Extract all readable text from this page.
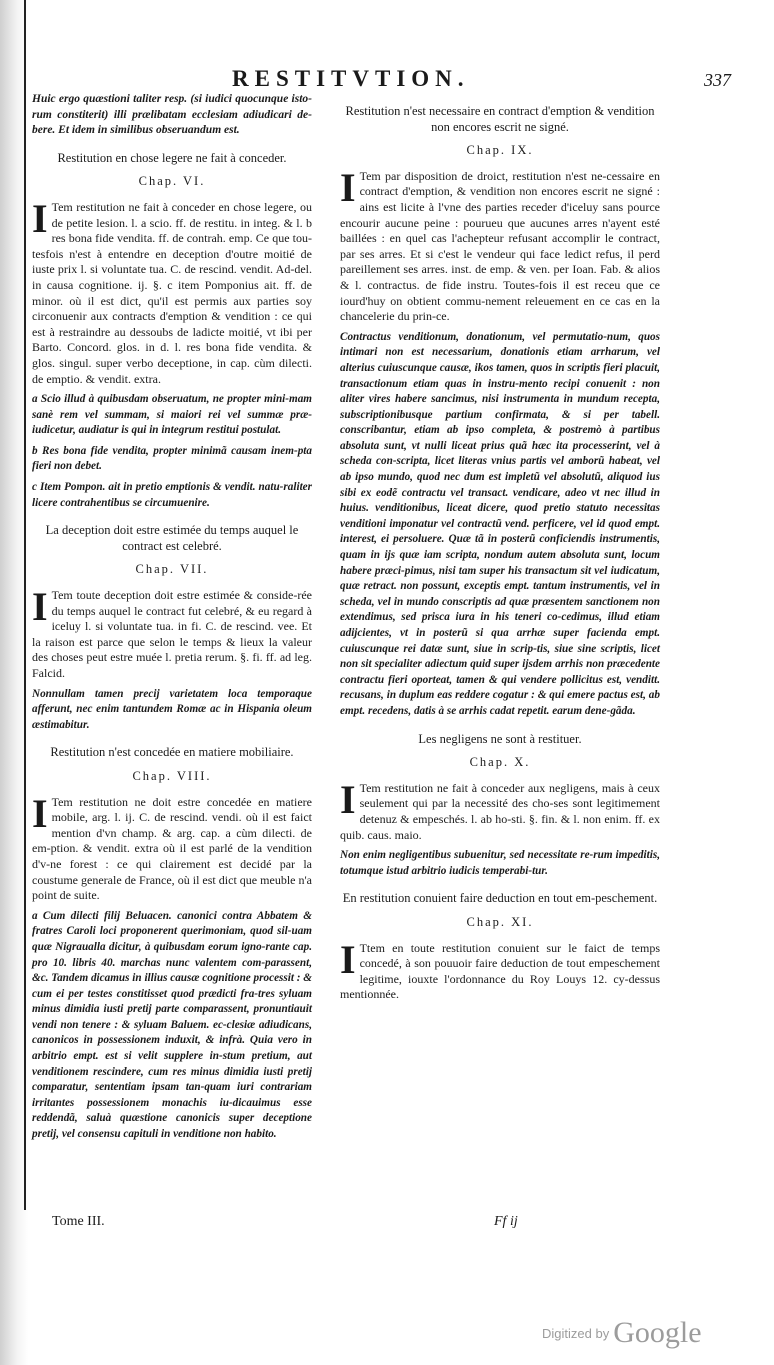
RESTITVTION.	337

Huic ergo quæstioni taliter resp. (si iudici quocunque isto-rum constiterit) illi prælibatam ecclesiam adiudicari de-bere. Et idem in similibus obseruandum est.

Restitution en chose legere ne fait à conceder.
Chap. VI.

I Tem restitution ne fait à conceder en chose legere, ou de petite lesion. l. a scio. ff. de restitu. in integ. & l. b res bona fide vendita. ff. de contrah. emp. Ce que tou-tesfois n'est à entendre en deception d'outre moitié de iuste prix l. si voluntate tua. C. de rescind. vendit. Ad-del. in causa cognitione. ij. §. c item Pomponius ait. ff. de minor. où il est dict, qu'il est permis aux parties soy circonuenir aux contracts d'emption & vendition : ce qui est à restraindre au dessoubs de ladicte moitié, vt ibi per Barto. Concord. glos. in d. l. res bona fide vendita. & glos. singul. super verbo deceptione, in cap. cùm dilecti. de emptio. & vendit. extra.

a Scio illud à quibusdam obseruatum, ne propter mini-mam sanè rem vel summam, si maiori rei vel summæ præ-iudicetur, audiatur is qui in integrum restitui postulat.

b Res bona fide vendita, propter minimã causam inem-pta fieri non debet.

c Item Pompon. ait in pretio emptionis & vendit. natu-raliter licere contrahentibus se circumuenire.

La deception doit estre estimée du temps auquel le contract est celebré.
Chap. VII.

I Tem toute deception doit estre estimée & conside-rée du temps auquel le contract fut celebré, & eu regard à iceluy l. si voluntate tua. in fi. C. de rescind. vee. Et la raison est parce que selon le temps & lieux la valeur des choses peut estre muée l. pretia rerum. §. fi. ff. ad leg. Falcid.

Nonnullam tamen precij varietatem loca temporaque afferunt, nec enim tantundem Romæ ac in Hispania oleum æstimabitur.

Restitution n'est concedée en matiere mobiliaire.
Chap. VIII.

I Tem restitution ne doit estre concedée en matiere mobile, arg. l. ij. C. de rescind. vendi. où il est faict mention d'vn champ. & arg. cap. a cùm dilecti. de em-ption. & vendit. extra où il est parlé de la vendition d'v-ne forest : ce qui clairement est decidé par la coustume generale de France, où il est dict que meuble n'a point de suite.

a Cum dilecti filij Beluacen. canonici contra Abbatem & fratres Caroli loci proponerent querimoniam, quod sil-uam quæ Nigraualla dicitur, à quibusdam eorum igno-rante cap. pro 10. libris 40. marchas nunc valentem com-parassent, &c. Tandem dicamus in illius causæ cognitione processit : & cum ei per testes constitisset quod prædicti fra-tres syluam minus dimidia iusti pretij parte comparassent, pronuntiauit vendi non tenere : & syluam Baluem. ec-clesiæ adiudicans, canonicos in possessionem induxit, & infrà. Quia vero in arbitrio empt. est si velit supplere in-stum pretium, aut venditionem rescindere, cum res minus dimidia iusti pretij comparatur, sententiam ipsam tan-quam iuri contrariam irritantes possessionem monachis iu-dicauimus esse reddendã, saluà quæstione canonicis super deceptione pretij, vel consensu capituli in venditione non habito.

Restitution n'est necessaire en contract d'emption & vendition non encores escrit ne signé.
Chap. IX.

I Tem par disposition de droict, restitution n'est ne-cessaire en contract d'emption, & vendition non encores escrit ne signé : ains est licite à l'vne des parties receder d'iceluy sans pource encourir aucune peine : pourueu que aucunes arres n'ayent esté baillées : en quel cas l'achepteur refusant accomplir le contract, par ses arres. Et si c'est le vendeur qui face ledict refus, il perd pareillement ses arres. inst. de emp. & ven. per Ioan. Fab. & alios & l. contractus. de fide instru. Toutes-fois il est receu que ce iourd'huy on obtient commu-nement releuement en ce cas en la chancelerie du prin-ce.

Contractus venditionum, donationum, vel permutatio-num, quos intimari non est necessarium, donationis etiam arrharum, vel alterius cuiuscunque causæ, ikos tamen, quos in scriptis fieri placuit, transactionum etiam quas in instru-mento recipi conuenit : non aliter vires habere sancimus, nisi instrumenta in mundum recepta, subscriptionibusque partium confirmata, & si per tabell. conscribantur, etiam ab ipso completa, & postremò à partibus absoluta sunt, vt nulli liceat prius quã hæc ita processerint, vel à scheda con-scripta, licet literas vnius partis vel amborũ habeat, vel ab ipso mundo, quod nec dum est impletũ vel absolutũ, aliquod ius sibi ex eodẽ contractu vel transact. vendicare, adeo vt nec illud in huius. venditionibus, liceat dicere, quod pretio statuto necessitas venditioni imponatur vel contractũ vend. perficere, vel id quod empt. interest, ei persoluere. Quæ tã in posterũ conficiendis instrumentis, quam in ijs quæ iam scripta, nondum autem absoluta sunt, locum habere præci-pimus, nisi tam super his transactum sit vel iudicatum, quæ retract. non possunt, exceptis empt. tantum instrumentis, vel in scheda, vel in mundo conscriptis ad quæ præsentem sanctionem non extendimus, sed prisca iura in his teneri co-cedimus, illud etiam adijcientes, vt in posterũ si qua arrhæ super facienda empt. cuiuscunque rei datæ sunt, siue in scrip-tis, siue sine scriptis, licet non sit specialiter adiectum quid super ijsdem arrhis non præcedente contractu fieri oporteat, tamen & qui vendere pollicitus est, venditt. recusans, in duplum eas reddere cogatur : & qui emere pactus est, ab empt. recedens, datis à se arrhis cadat repetit. earum dene-gãda.

Les negligens ne sont à restituer.
Chap. X.

I Tem restitution ne fait à conceder aux negligens, mais à ceux seulement qui par la necessité des cho-ses sont legitimement detenuz & empeschés. l. ab ho-sti. §. fin. & l. non enim. ff. ex quib. caus. maio.

Non enim negligentibus subuenitur, sed necessitate re-rum impeditis, totumque istud arbitrio iudicis temperabi-tur.

En restitution conuient faire deduction en tout em-peschement.
Chap. XI.

I Ttem en toute restitution conuient sur le faict de temps concedé, à son pouuoir faire deduction de tout empeschement legitime, iouxte l'ordonnance du Roy Louys 12. cy-dessus mentionnée.

Tome III.	Ff ij
$^{Digitized by}$ Google
